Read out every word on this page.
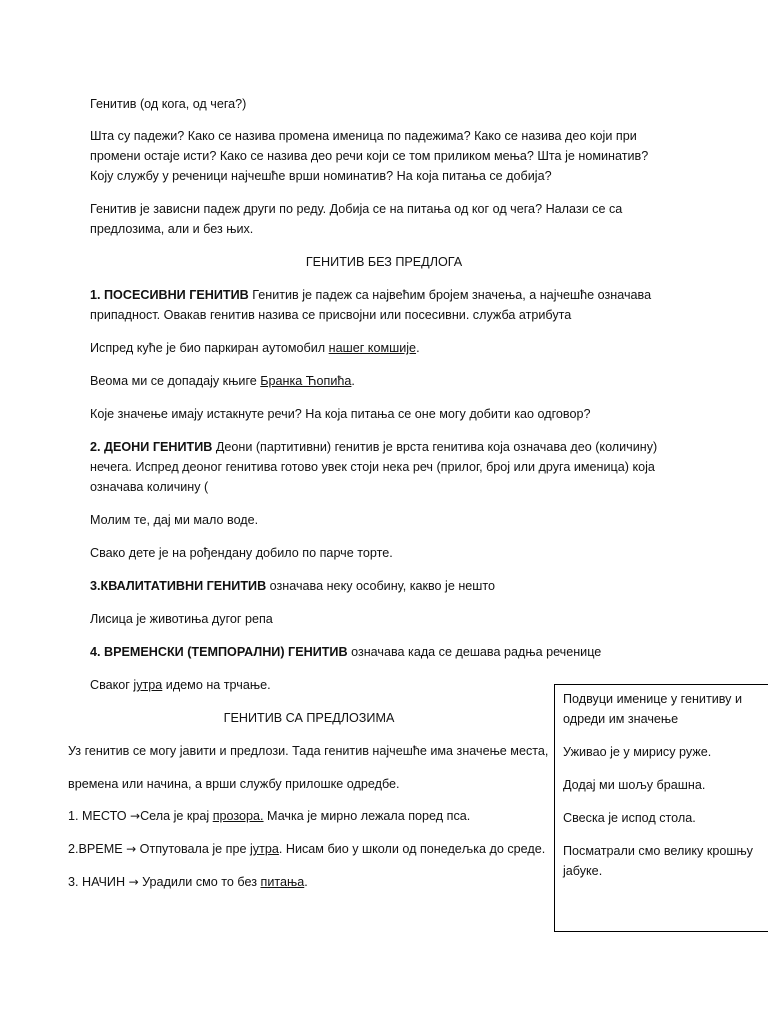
Генитив (од кога, од чега?)

Шта су падежи? Како се назива промена именица по падежима? Како се назива део који при

промени остаје исти? Како се назива део речи који се том приликом мења? Шта је номинатив?

Коју службу у реченици најчешће врши номинатив? На која питања се добија?

Генитив је зависни падеж други по реду. Добија се на питања од ког од чега? Налази се са

предлозима, али и без њих.

ГЕНИТИВ БЕЗ ПРЕДЛОГА

1. ПОСЕСИВНИ ГЕНИТИВ Генитив је падеж са највећим бројем значења, а најчешће означава

припадност. Овакав генитив назива се присвојни или посесивни. служба атрибута

Испред куће је био паркиран аутомобил нашег комшије.

Веома ми се допадају књиге Бранка Ћопића.

Које значење имају истакнуте речи? На која питања се оне могу добити као одговор?

2. ДЕОНИ ГЕНИТИВ Деони (партитивни) генитив је врста генитива која означава део (количину)

нечега. Испред деоног генитива готово увек стоји нека реч (прилог, број или друга именица) која

означава количину (

Молим те, дај ми мало воде.

Свако дете је на рођендану добило по парче торте.

3.КВАЛИТАТИВНИ ГЕНИТИВ означава неку особину, какво је нешто

Лисица је животиња дугог репа

4. ВРЕМЕНСКИ (ТЕМПОРАЛНИ) ГЕНИТИВ означава када се дешава радња реченице

Сваког јутра идемо на трчање.

ГЕНИТИВ СА ПРЕДЛОЗИМА

Уз генитив се могу јавити и предлози. Тада генитив најчешће има значење места,

времена или начина, а врши службу прилошке одредбе.

1. МЕСТО →Села је крај прозора. Мачка је мирно лежала поред пса.

2.ВРЕМЕ → Отпутовала је пре јутра. Нисам био у школи од понедељка до среде.

3. НАЧИН → Урадили смо то без питања.

Подвуци именице у генитиву и

одреди им значење

Уживао је у мирису руже.

Додај ми шољу брашна.

Свеска је испод стола.

Посматрали смо велику крошњу

јабуке.
